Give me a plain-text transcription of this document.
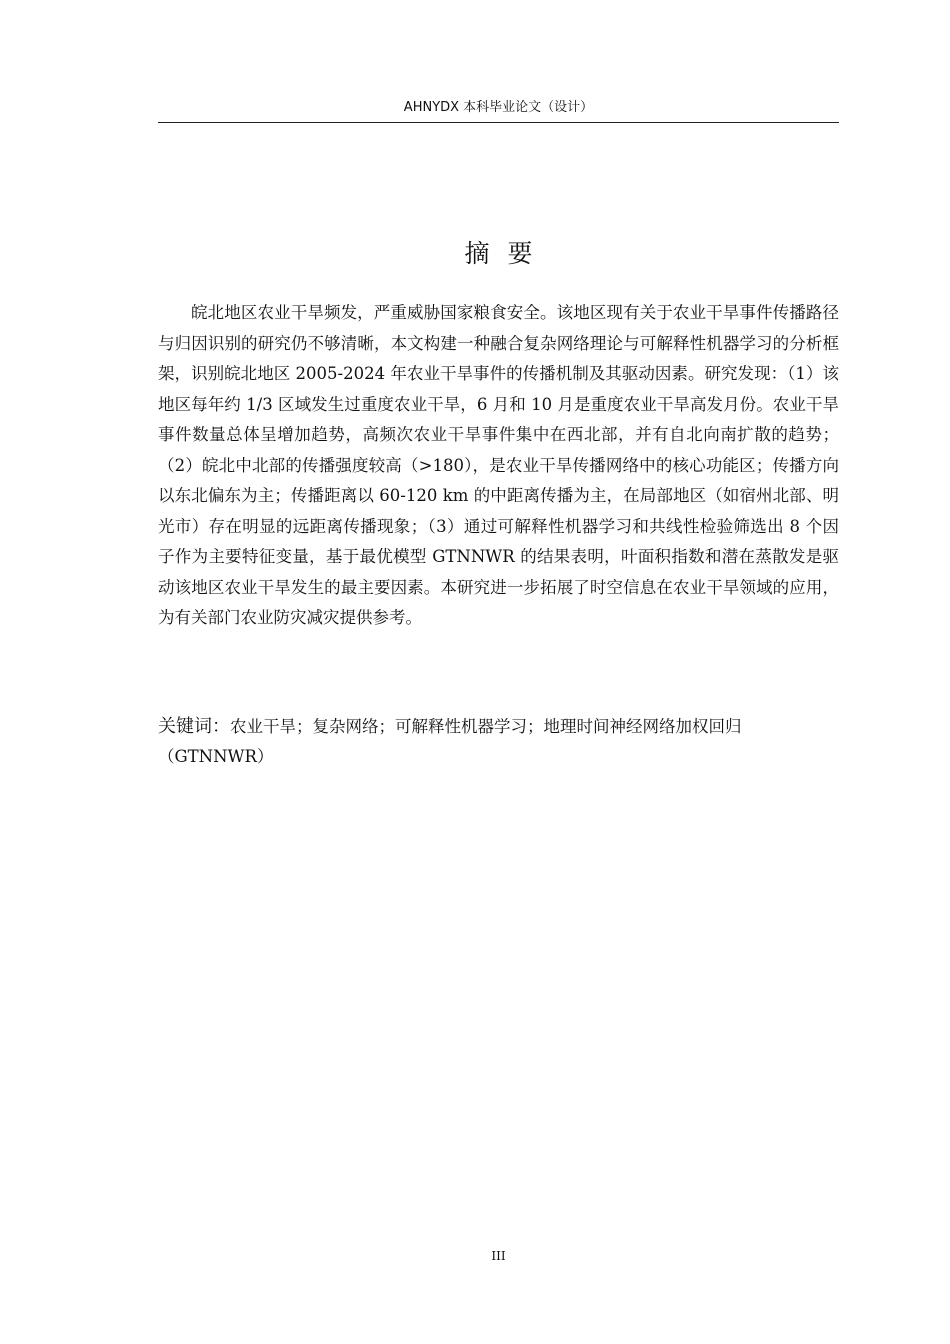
AHNYDX 本科毕业论文（设计）
摘要

皖北地区农业干旱频发，严重威胁国家粮食安全。该地区现有关于农业干旱事件传播路径与归因识别的研究仍不够清晰，本文构建一种融合复杂网络理论与可解释性机器学习的分析框架，识别皖北地区 2005-2024 年农业干旱事件的传播机制及其驱动因素。研究发现：（1）该地区每年约 1/3 区域发生过重度农业干旱，6 月和 10 月是重度农业干旱高发月份。农业干旱事件数量总体呈增加趋势，高频次农业干旱事件集中在西北部，并有自北向南扩散的趋势；（2）皖北中北部的传播强度较高（>180），是农业干旱传播网络中的核心功能区；传播方向以东北偏东为主；传播距离以 60-120 km 的中距离传播为主，在局部地区（如宿州北部、明光市）存在明显的远距离传播现象；（3）通过可解释性机器学习和共线性检验筛选出 8 个因子作为主要特征变量，基于最优模型 GTNNWR 的结果表明，叶面积指数和潜在蒸散发是驱动该地区农业干旱发生的最主要因素。本研究进一步拓展了时空信息在农业干旱领域的应用，为有关部门农业防灾减灾提供参考。

关键词：农业干旱；复杂网络；可解释性机器学习；地理时间神经网络加权回归（GTNNWR）

III
